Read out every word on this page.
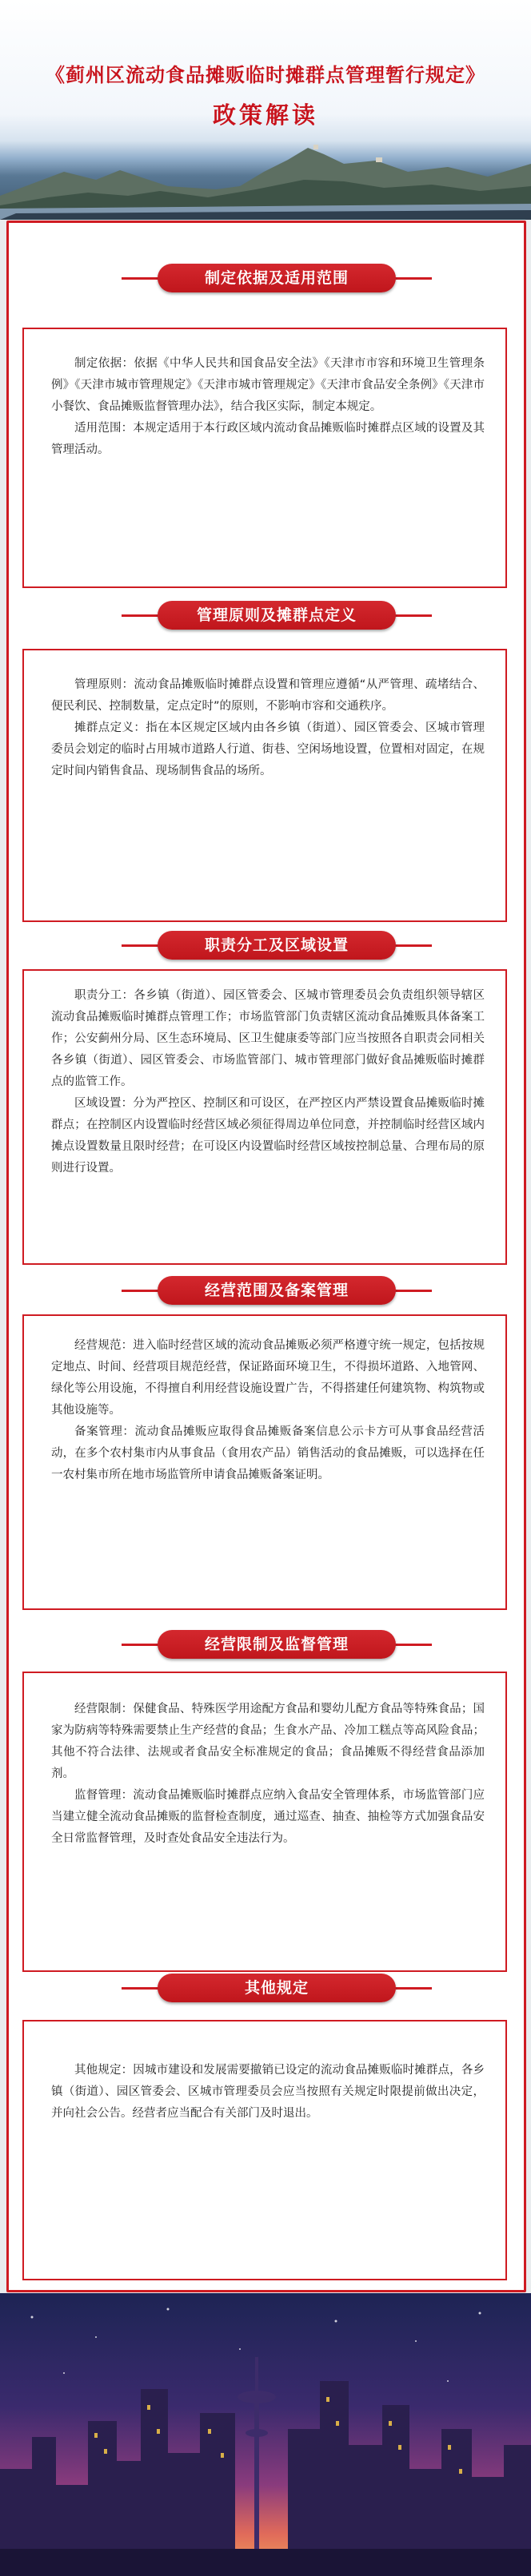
《蓟州区流动食品摊贩临时摊群点管理暂行规定》
政策解读
制定依据及适用范围

制定依据：依据《中华人民共和国食品安全法》《天津市市容和环境卫生管理条例》《天津市城市管理规定》《天津市城市管理规定》《天津市食品安全条例》《天津市小餐饮、食品摊贩监督管理办法》，结合我区实际，制定本规定。

适用范围：本规定适用于本行政区域内流动食品摊贩临时摊群点区域的设置及其管理活动。

管理原则及摊群点定义

管理原则：流动食品摊贩临时摊群点设置和管理应遵循“从严管理、疏堵结合、便民利民、控制数量，定点定时”的原则，不影响市容和交通秩序。

摊群点定义：指在本区规定区域内由各乡镇（街道）、园区管委会、区城市管理委员会划定的临时占用城市道路人行道、街巷、空闲场地设置，位置相对固定，在规定时间内销售食品、现场制售食品的场所。

职责分工及区域设置

职责分工：各乡镇（街道）、园区管委会、区城市管理委员会负责组织领导辖区流动食品摊贩临时摊群点管理工作；市场监管部门负责辖区流动食品摊贩具体备案工作；公安蓟州分局、区生态环境局、区卫生健康委等部门应当按照各自职责会同相关各乡镇（街道）、园区管委会、市场监管部门、城市管理部门做好食品摊贩临时摊群点的监管工作。

区域设置：分为严控区、控制区和可设区，在严控区内严禁设置食品摊贩临时摊群点；在控制区内设置临时经营区域必须征得周边单位同意，并控制临时经营区域内摊点设置数量且限时经营；在可设区内设置临时经营区域按控制总量、合理布局的原则进行设置。

经营范围及备案管理

经营规范：进入临时经营区域的流动食品摊贩必须严格遵守统一规定，包括按规定地点、时间、经营项目规范经营，保证路面环境卫生，不得损坏道路、入地管网、绿化等公用设施，不得擅自利用经营设施设置广告，不得搭建任何建筑物、构筑物或其他设施等。

备案管理：流动食品摊贩应取得食品摊贩备案信息公示卡方可从事食品经营活动，在多个农村集市内从事食品（食用农产品）销售活动的食品摊贩，可以选择在任一农村集市所在地市场监管所申请食品摊贩备案证明。

经营限制及监督管理

经营限制：保健食品、特殊医学用途配方食品和婴幼儿配方食品等特殊食品；国家为防病等特殊需要禁止生产经营的食品；生食水产品、冷加工糕点等高风险食品；其他不符合法律、法规或者食品安全标准规定的食品；食品摊贩不得经营食品添加剂。

监督管理：流动食品摊贩临时摊群点应纳入食品安全管理体系，市场监管部门应当建立健全流动食品摊贩的监督检查制度，通过巡查、抽查、抽检等方式加强食品安全日常监督管理，及时查处食品安全违法行为。

其他规定

其他规定：因城市建设和发展需要撤销已设定的流动食品摊贩临时摊群点，各乡镇（街道）、园区管委会、区城市管理委员会应当按照有关规定时限提前做出决定，并向社会公告。经营者应当配合有关部门及时退出。
